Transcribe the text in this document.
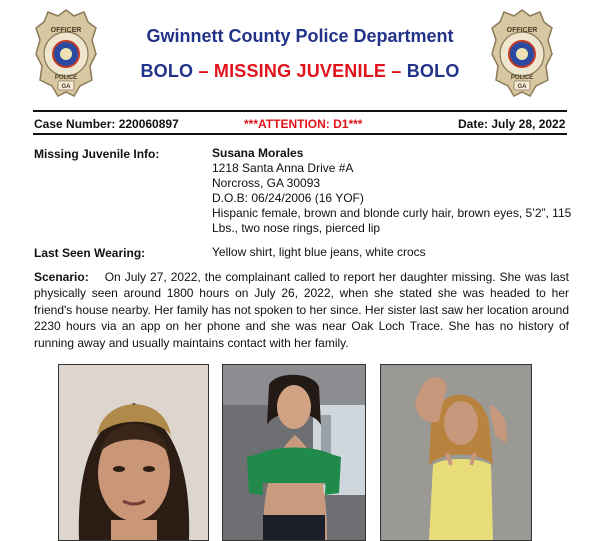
OFFICER
POLICE
GA
OFFICER
POLICE
GA
Gwinnett County Police Department
BOLO – MISSING JUVENILE – BOLO
Case Number: 220060897	***ATTENTION: D1***	Date: July 28, 2022
Missing Juvenile Info:	Susana Morales
1218 Santa Anna Drive #A
Norcross, GA 30093
D.O.B: 06/24/2006 (16 YOF)
Hispanic female, brown and blonde curly hair, brown eyes, 5’2”, 115 Lbs., two nose rings, pierced lip
Last Seen Wearing:	Yellow shirt, light blue jeans, white crocs
Scenario: On July 27, 2022, the complainant called to report her daughter missing. She was last physically seen around 1800 hours on July 26, 2022, when she stated she was headed to her friend's house nearby. Her family has not spoken to her since. Her sister last saw her location around 2230 hours via an app on her phone and she was near Oak Loch Trace. She has no history of running away and usually maintains contact with her family.
